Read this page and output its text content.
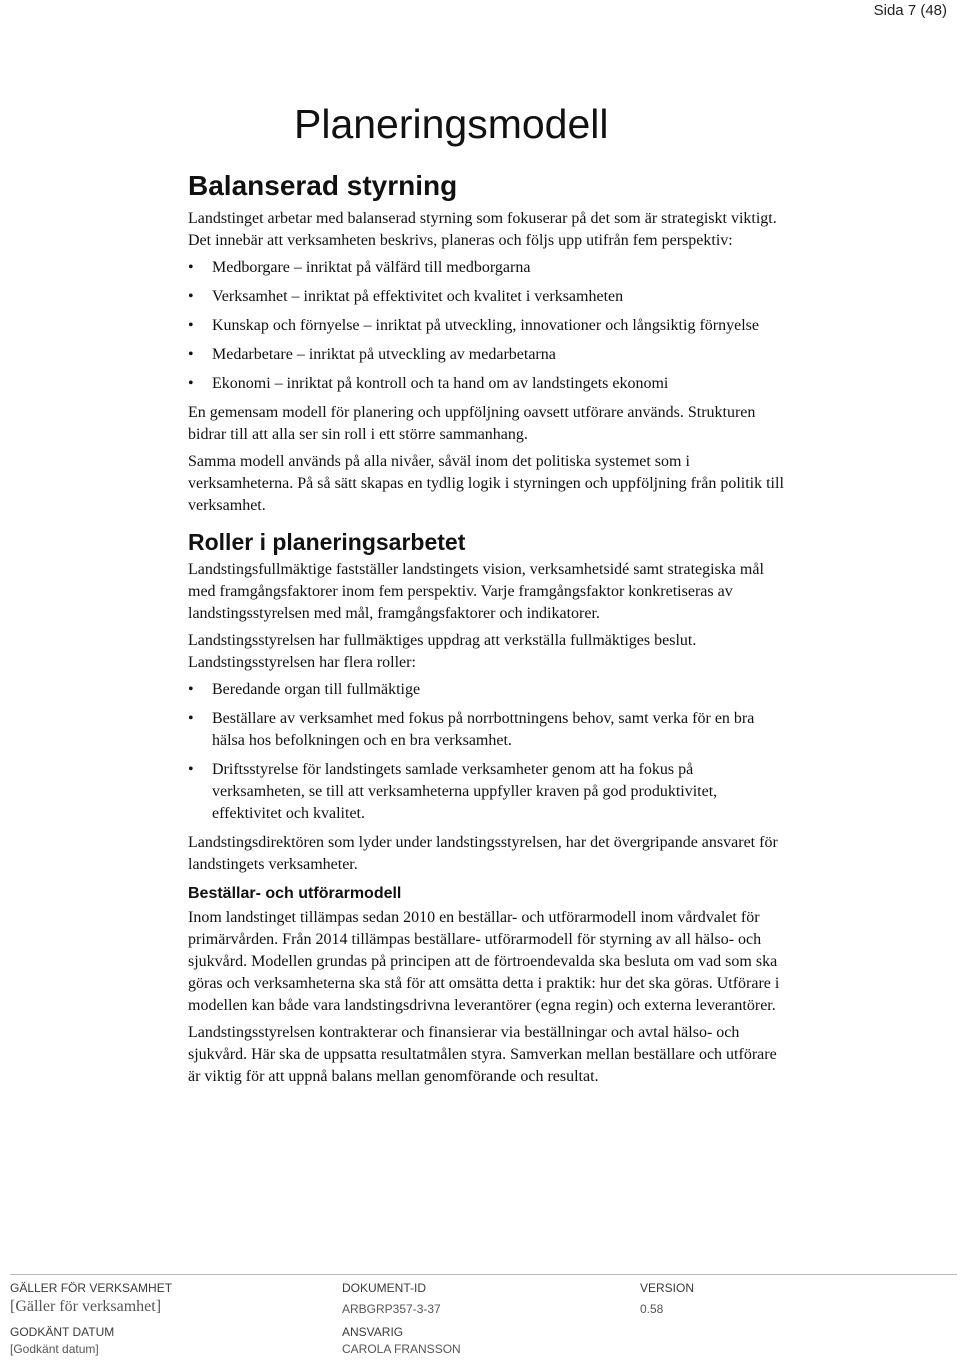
Sida 7 (48)
Planeringsmodell
Balanserad styrning

Landstinget arbetar med balanserad styrning som fokuserar på det som är strategiskt viktigt. Det innebär att verksamheten beskrivs, planeras och följs upp utifrån fem perspektiv:

•	Medborgare – inriktat på välfärd till medborgarna
•	Verksamhet – inriktat på effektivitet och kvalitet i verksamheten
•	Kunskap och förnyelse – inriktat på utveckling, innovationer och långsiktig förnyelse
•	Medarbetare – inriktat på utveckling av medarbetarna
•	Ekonomi – inriktat på kontroll och ta hand om av landstingets ekonomi

En gemensam modell för planering och uppföljning oavsett utförare används. Strukturen bidrar till att alla ser sin roll i ett större sammanhang.

Samma modell används på alla nivåer, såväl inom det politiska systemet som i verksamheterna. På så sätt skapas en tydlig logik i styrningen och uppföljning från politik till verksamhet.

Roller i planeringsarbetet

Landstingsfullmäktige fastställer landstingets vision, verksamhetsidé samt strategiska mål med framgångsfaktorer inom fem perspektiv. Varje framgångsfaktor konkretiseras av landstingsstyrelsen med mål, framgångsfaktorer och indikatorer.

Landstingsstyrelsen har fullmäktiges uppdrag att verkställa fullmäktiges beslut. Landstingsstyrelsen har flera roller:

•	Beredande organ till fullmäktige
•	Beställare av verksamhet med fokus på norrbottningens behov, samt verka för en bra hälsa hos befolkningen och en bra verksamhet.
•	Driftsstyrelse för landstingets samlade verksamheter genom att ha fokus på verksamheten, se till att verksamheterna uppfyller kraven på god produktivitet, effektivitet och kvalitet.

Landstingsdirektören som lyder under landstingsstyrelsen, har det övergripande ansvaret för landstingets verksamheter.

Beställar- och utförarmodell

Inom landstinget tillämpas sedan 2010 en beställar- och utförarmodell inom vårdvalet för primärvården. Från 2014 tillämpas beställare- utförarmodell för styrning av all hälso- och sjukvård. Modellen grundas på principen att de förtroendevalda ska besluta om vad som ska göras och verksamheterna ska stå för att omsätta detta i praktik: hur det ska göras. Utförare i modellen kan både vara landstingsdrivna leverantörer (egna regin) och externa leverantörer.

Landstingsstyrelsen kontrakterar och finansierar via beställningar och avtal hälso- och sjukvård. Här ska de uppsatta resultatmålen styra. Samverkan mellan beställare och utförare är viktig för att uppnå balans mellan genomförande och resultat.

GÄLLER FÖR VERKSAMHET
[Gäller för verksamhet]
GODKÄNT DATUM
[Godkänt datum]
DOKUMENT-ID
ARBGRP357-3-37
ANSVARIG
CAROLA FRANSSON
VERSION
0.58
